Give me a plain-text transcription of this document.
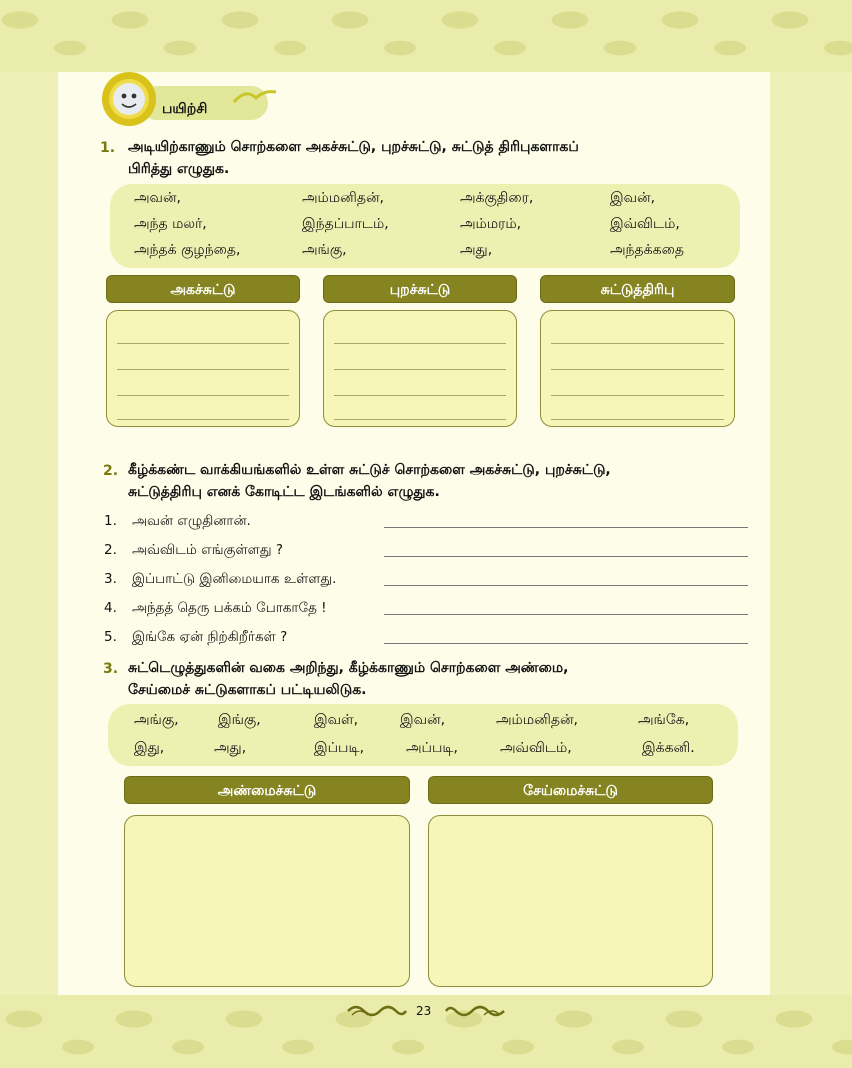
பயிற்சி
1. அடியிற்காணும் சொற்களை அகச்சுட்டு, புறச்சுட்டு, சுட்டுத் திரிபுகளாகப்
பிரித்து எழுதுக.
அவன்,	அம்மனிதன்,	அக்குதிரை,	இவன்,
அந்த மலர்,	இந்தப்பாடம்,	அம்மரம்,	இவ்விடம்,
அந்தக் குழந்தை,	அங்கு,	அது,	அந்தக்கதை
அகச்சுட்டு	புறச்சுட்டு	சுட்டுத்திரிபு
2. கீழ்க்கண்ட வாக்கியங்களில் உள்ள சுட்டுச் சொற்களை அகச்சுட்டு, புறச்சுட்டு,
சுட்டுத்திரிபு எனக் கோடிட்ட இடங்களில் எழுதுக.
1. அவன் எழுதினான்.
2. அவ்விடம் எங்குள்ளது ?
3. இப்பாட்டு இனிமையாக உள்ளது.
4. அந்தத் தெரு பக்கம் போகாதே !
5. இங்கே ஏன் நிற்கிறீர்கள் ?
3. சுட்டெழுத்துகளின் வகை அறிந்து, கீழ்க்காணும் சொற்களை அண்மை,
சேய்மைச் சுட்டுகளாகப் பட்டியலிடுக.
அங்கு,	இங்கு,	இவள்,	இவன்,	அம்மனிதன்,	அங்கே,
இது,	அது,	இப்படி,	அப்படி,	அவ்விடம்,	இக்கனி.
அண்மைச்சுட்டு	சேய்மைச்சுட்டு
23
